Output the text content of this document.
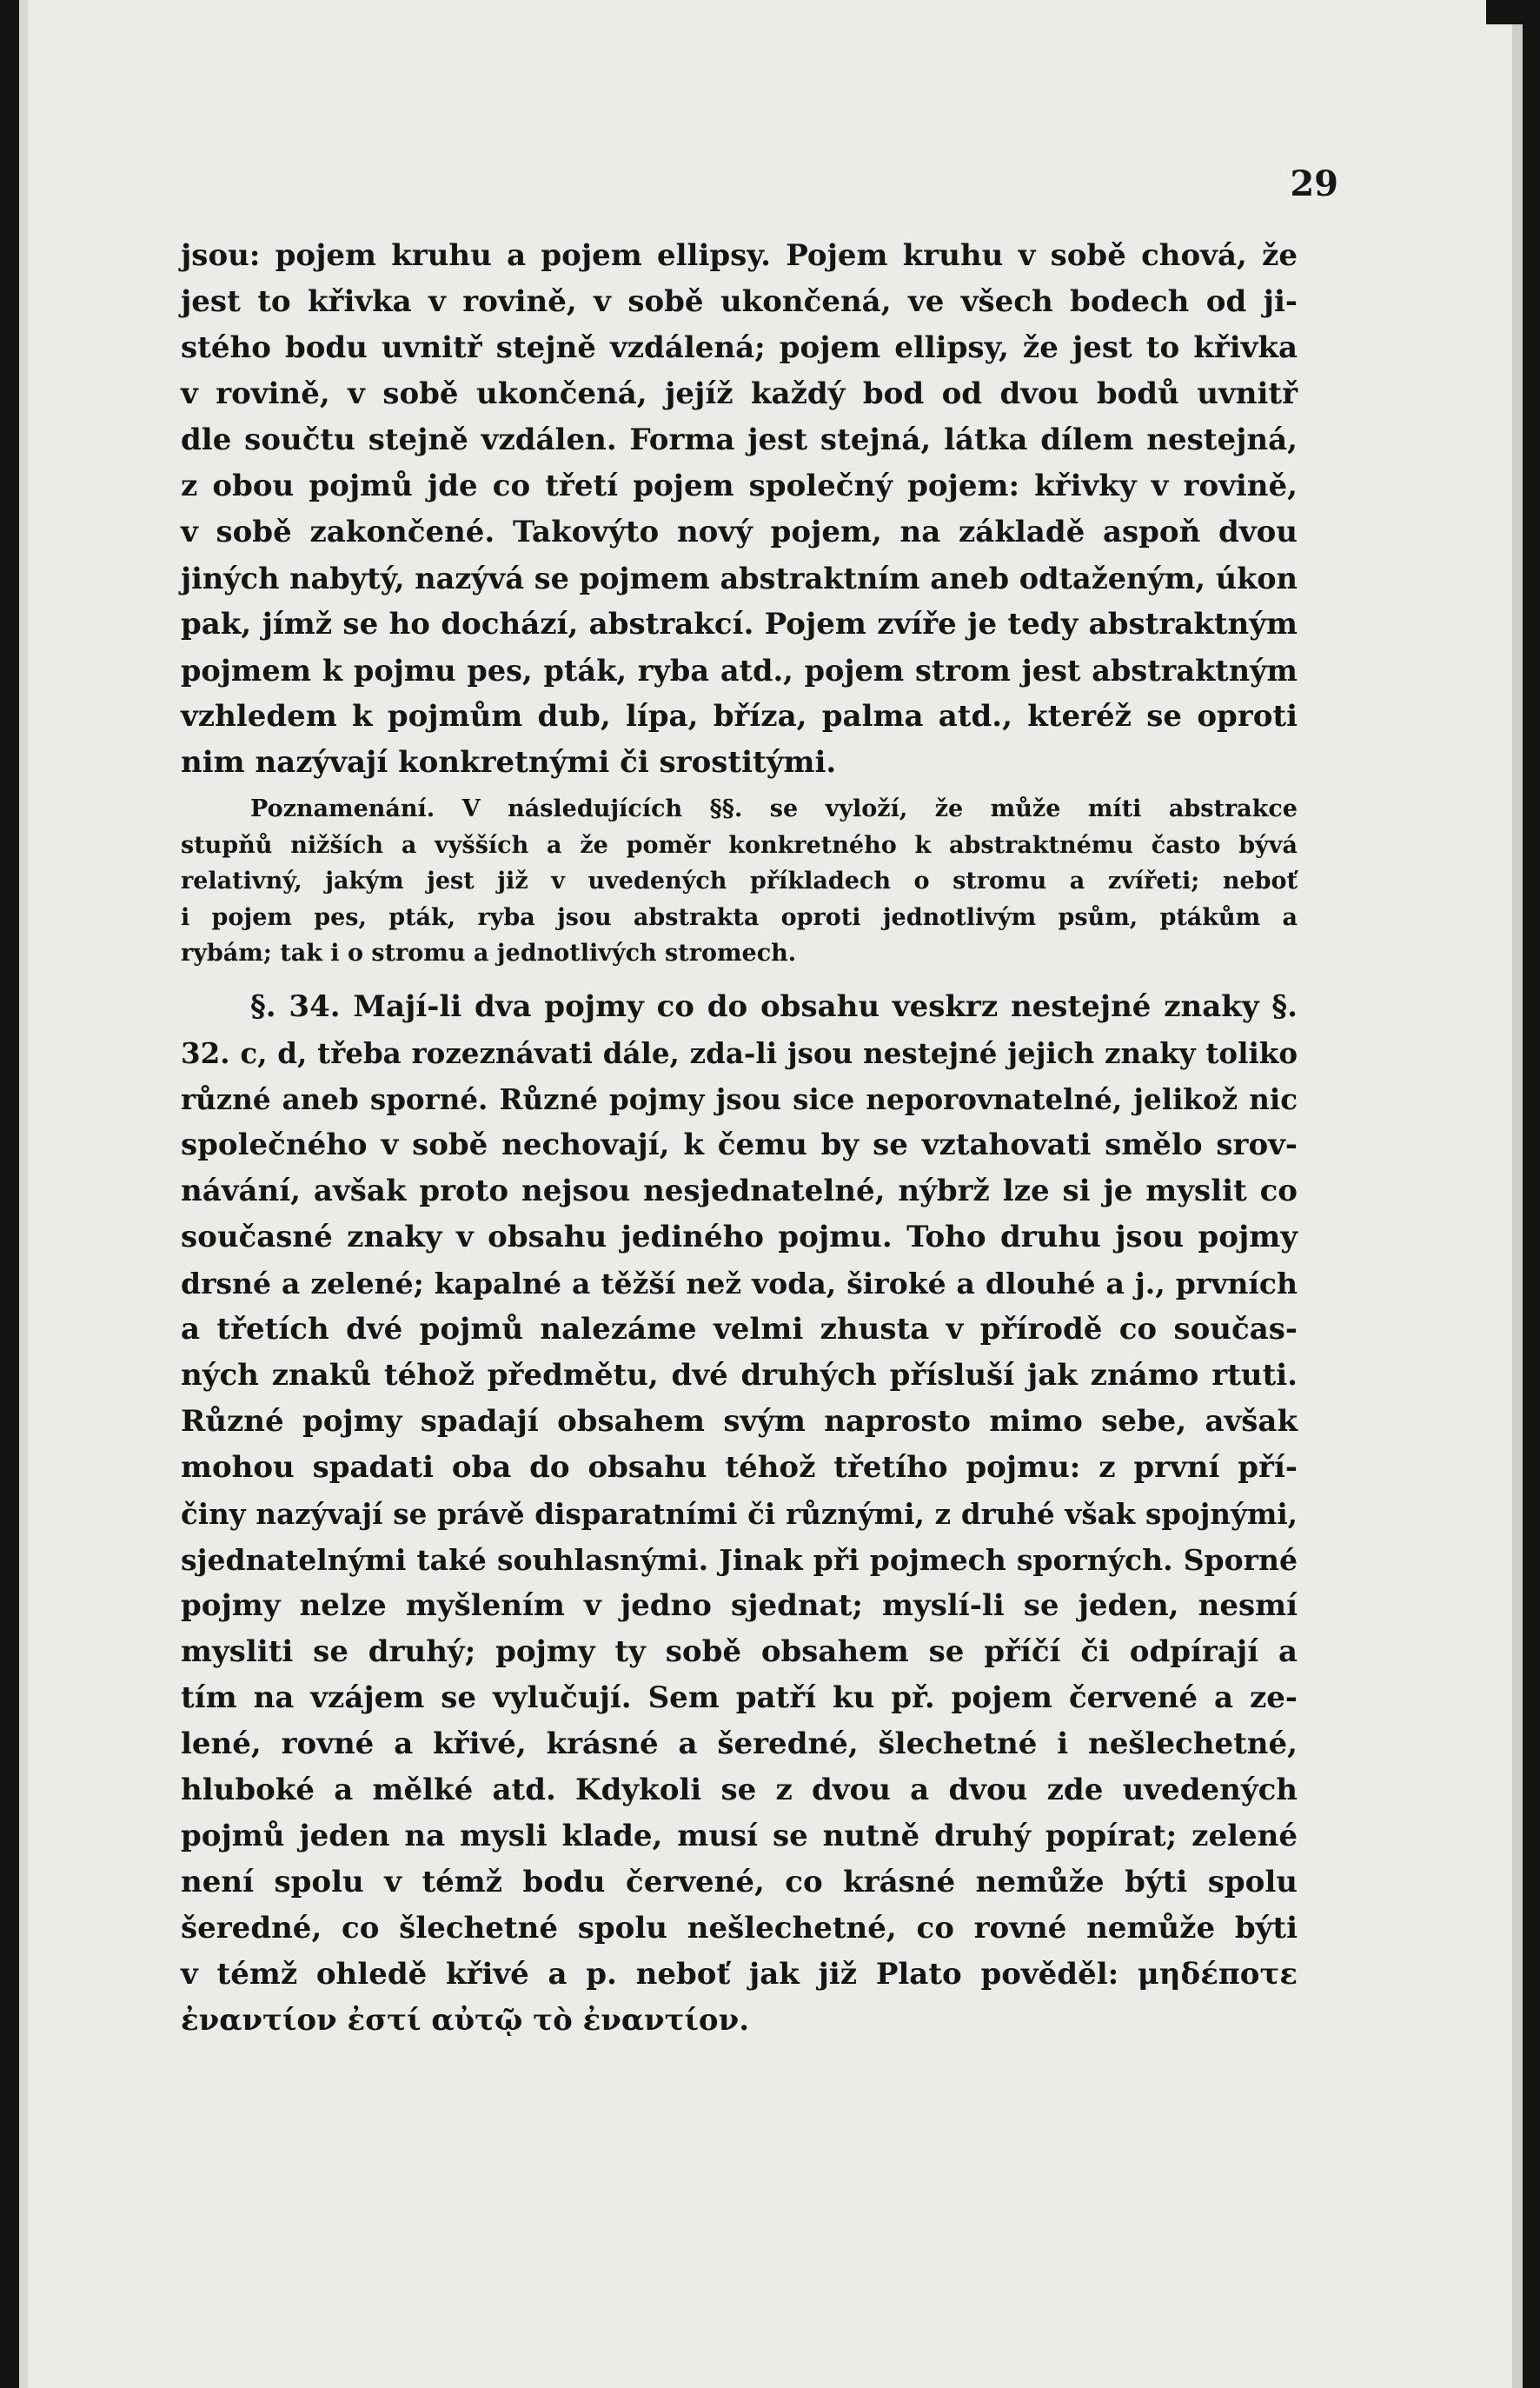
29
jsou: pojem kruhu a pojem ellipsy. Pojem kruhu v sobě chová, že
jest to křivka v rovině, v sobě ukončená, ve všech bodech od ji-
stého bodu uvnitř stejně vzdálená; pojem ellipsy, že jest to křivka
v rovině, v sobě ukončená, jejíž každý bod od dvou bodů uvnitř
dle součtu stejně vzdálen. Forma jest stejná, látka dílem nestejná,
z obou pojmů jde co třetí pojem společný pojem: křivky v rovině,
v sobě zakončené. Takovýto nový pojem, na základě aspoň dvou
jiných nabytý, nazývá se pojmem abstraktním aneb odtaženým, úkon
pak, jímž se ho dochází, abstrakcí. Pojem zvíře je tedy abstraktným
pojmem k pojmu pes, pták, ryba atd., pojem strom jest abstraktným
vzhledem k pojmům dub, lípa, bříza, palma atd., kteréž se oproti
nim nazývají konkretnými či srostitými.
Poznamenání. V následujících §§. se vyloží, že může míti abstrakce
stupňů nižších a vyšších a že poměr konkretného k abstraktnému často bývá
relativný, jakým jest již v uvedených příkladech o stromu a zvířeti; neboť
i pojem pes, pták, ryba jsou abstrakta oproti jednotlivým psům, ptákům a
rybám; tak i o stromu a jednotlivých stromech.
§. 34. Mají-li dva pojmy co do obsahu veskrz nestejné znaky §.
32. c, d, třeba rozeznávati dále, zda-li jsou nestejné jejich znaky toliko
různé aneb sporné. Různé pojmy jsou sice neporovnatelné, jelikož nic
společného v sobě nechovají, k čemu by se vztahovati smělo srov-
návání, avšak proto nejsou nesjednatelné, nýbrž lze si je myslit co
současné znaky v obsahu jediného pojmu. Toho druhu jsou pojmy
drsné a zelené; kapalné a těžší než voda, široké a dlouhé a j., prvních
a třetích dvé pojmů nalezáme velmi zhusta v přírodě co součas-
ných znaků téhož předmětu, dvé druhých přísluší jak známo rtuti.
Různé pojmy spadají obsahem svým naprosto mimo sebe, avšak
mohou spadati oba do obsahu téhož třetího pojmu: z první pří-
činy nazývají se právě disparatními či různými, z druhé však spojnými,
sjednatelnými také souhlasnými. Jinak při pojmech sporných. Sporné
pojmy nelze myšlením v jedno sjednat; myslí-li se jeden, nesmí
mysliti se druhý; pojmy ty sobě obsahem se příčí či odpírají a
tím na vzájem se vylučují. Sem patří ku př. pojem červené a ze-
lené, rovné a křivé, krásné a šeredné, šlechetné i nešlechetné,
hluboké a mělké atd. Kdykoli se z dvou a dvou zde uvedených
pojmů jeden na mysli klade, musí se nutně druhý popírat; zelené
není spolu v témž bodu červené, co krásné nemůže býti spolu
šeredné, co šlechetné spolu nešlechetné, co rovné nemůže býti
v témž ohledě křivé a p. neboť jak již Plato pověděl: μηδέποτε
ἐναντίον ἐστί αὐτῷ τὸ ἐναντίον.
